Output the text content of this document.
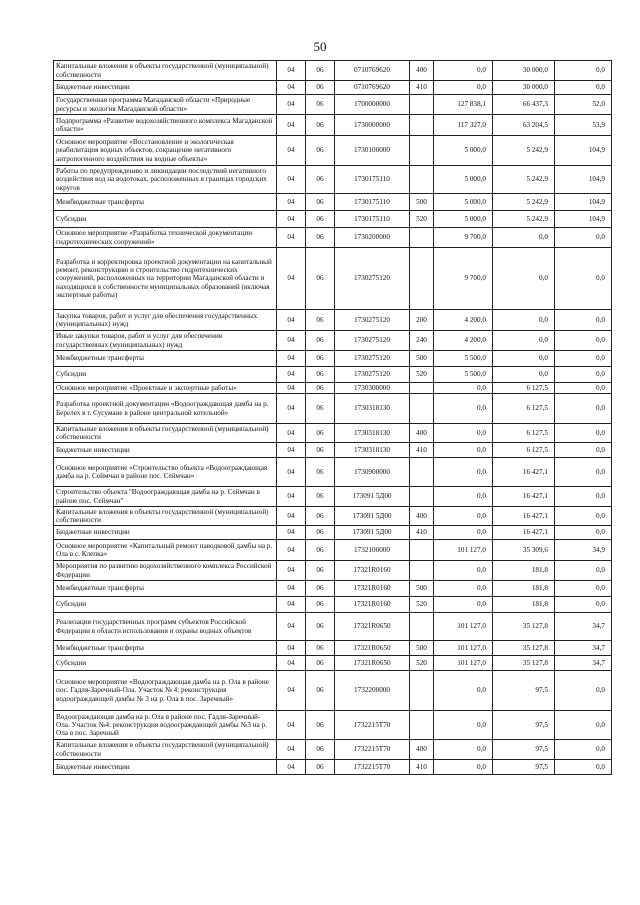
50
Капитальные вложения в объекты государственной (муниципальной) собственности	04	06	0710769620	400	0,0	30 000,0	0,0
Бюджетные инвестиции	04	06	0710769620	410	0,0	30 000,0	0,0
Государственная программа Магаданской области «Природные ресурсы и экология Магаданской области»	04	06	1700000000		127 838,1	66 437,3	52,0
Подпрограмма «Развитие водохозяйственного комплекса Магаданской области»	04	06	1730000000		117 327,0	63 204,5	53,9
Основное мероприятие «Восстановление и экологическая реабилитация водных объектов, сокращение негативного антропогенного воздействия на водные объекты»	04	06	1730100000		5 000,0	5 242,9	104,9
Работы по предупреждению и ликвидации последствий негативного воздействия вод на водотоках, расположенных в границах городских округов	04	06	1730175110		5 000,0	5 242,9	104,9
Межбюджетные трансферты	04	06	1730175110	500	5 000,0	5 242,9	104,9
Субсидии	04	06	1730175110	520	5 000,0	5 242,9	104,9
Основное мероприятие «Разработка технической документации гидротехнических сооружений»	04	06	1730200000		9 700,0	0,0	0,0
Разработка и корректировка проектной документации на капитальный ремонт, реконструкцию и строительство гидротехнических сооружений, расположенных на территории Магаданской области и находящихся в собственности муниципальных образований (включая экспертные работы)	04	06	1730275120		9 700,0	0,0	0,0
Закупка товаров, работ и услуг для обеспечения государственных (муниципальных) нужд	04	06	1730275120	200	4 200,0	0,0	0,0
Иные закупки товаров, работ и услуг для обеспечения государственных (муниципальных) нужд	04	06	1730275120	240	4 200,0	0,0	0,0
Межбюджетные трансферты	04	06	1730275120	500	5 500,0	0,0	0,0
Субсидии	04	06	1730275120	520	5 500,0	0,0	0,0
Основное мероприятие «Проектные и экспертные работы»	04	06	1730300000		0,0	6 127,5	0,0
Разработка проектной документации «Водоограждающая дамба на р. Берелех в г. Сусумане в районе центральной котельной»	04	06	1730318130		0,0	6 127,5	0,0
Капитальные вложения в объекты государственной (муниципальной) собственности	04	06	1730318130	400	0,0	6 127,5	0,0
Бюджетные инвестиции	04	06	1730318130	410	0,0	6 127,5	0,0
Основное мероприятие «Строительство объекта «Водоограждающая дамба на р. Сеймчан в районе пос. Сеймчан»	04	06	1730900000		0,0	16 427,1	0,0
Строительство объекта "Водоограждающая дамба на р. Сеймчан в районе пос. Сеймчан"	04	06	173091 5Д00		0,0	16 427,1	0,0
Капитальные вложения в объекты государственной (муниципальной) собственности	04	06	173091 5Д00	400	0,0	16 427,1	0,0
Бюджетные инвестиции	04	06	173091 5Д00	410	0,0	16 427,1	0,0
Основное мероприятие «Капитальный ремонт паводковой дамбы на р. Ола в с. Клепка»	04	06	1732100000		101 127,0	35 309,6	34,9
Мероприятия по развитию водохозяйственного комплекса Российской Федерации	04	06	17321R0160		0,0	181,8	0,0
Межбюджетные трансферты	04	06	17321R0160	500	0,0	181,8	0,0
Субсидии	04	06	17321R0160	520	0,0	181,8	0,0
Реализация государственных программ субъектов Российской Федерации в области использования и охраны водных объектов	04	06	17321R0650		101 127,0	35 127,8	34,7
Межбюджетные трансферты	04	06	17321R0650	500	101 127,0	35 127,8	34,7
Субсидии	04	06	17321R0650	520	101 127,0	35 127,8	34,7
Основное мероприятие «Водоограждающая дамба на р. Ола в районе пос. Гадля-Заречный-Ола. Участок № 4: реконструкция водоограждающей дамбы № 3 на р. Ола в пос. Заречный»	04	06	1732200000		0,0	97,5	0,0
Водоограждающая дамба на р. Ола в районе пос. Гадля-Заречный-Ола. Участок №4: реконструкция водоограждающей дамбы №3 на р. Ола в пос. Заречный	04	06	1732215Т70		0,0	97,5	0,0
Капитальные вложения в объекты государственной (муниципальной) собственности	04	06	1732215Т70	400	0,0	97,5	0,0
Бюджетные инвестиции	04	06	1732215Т70	410	0,0	97,5	0,0
